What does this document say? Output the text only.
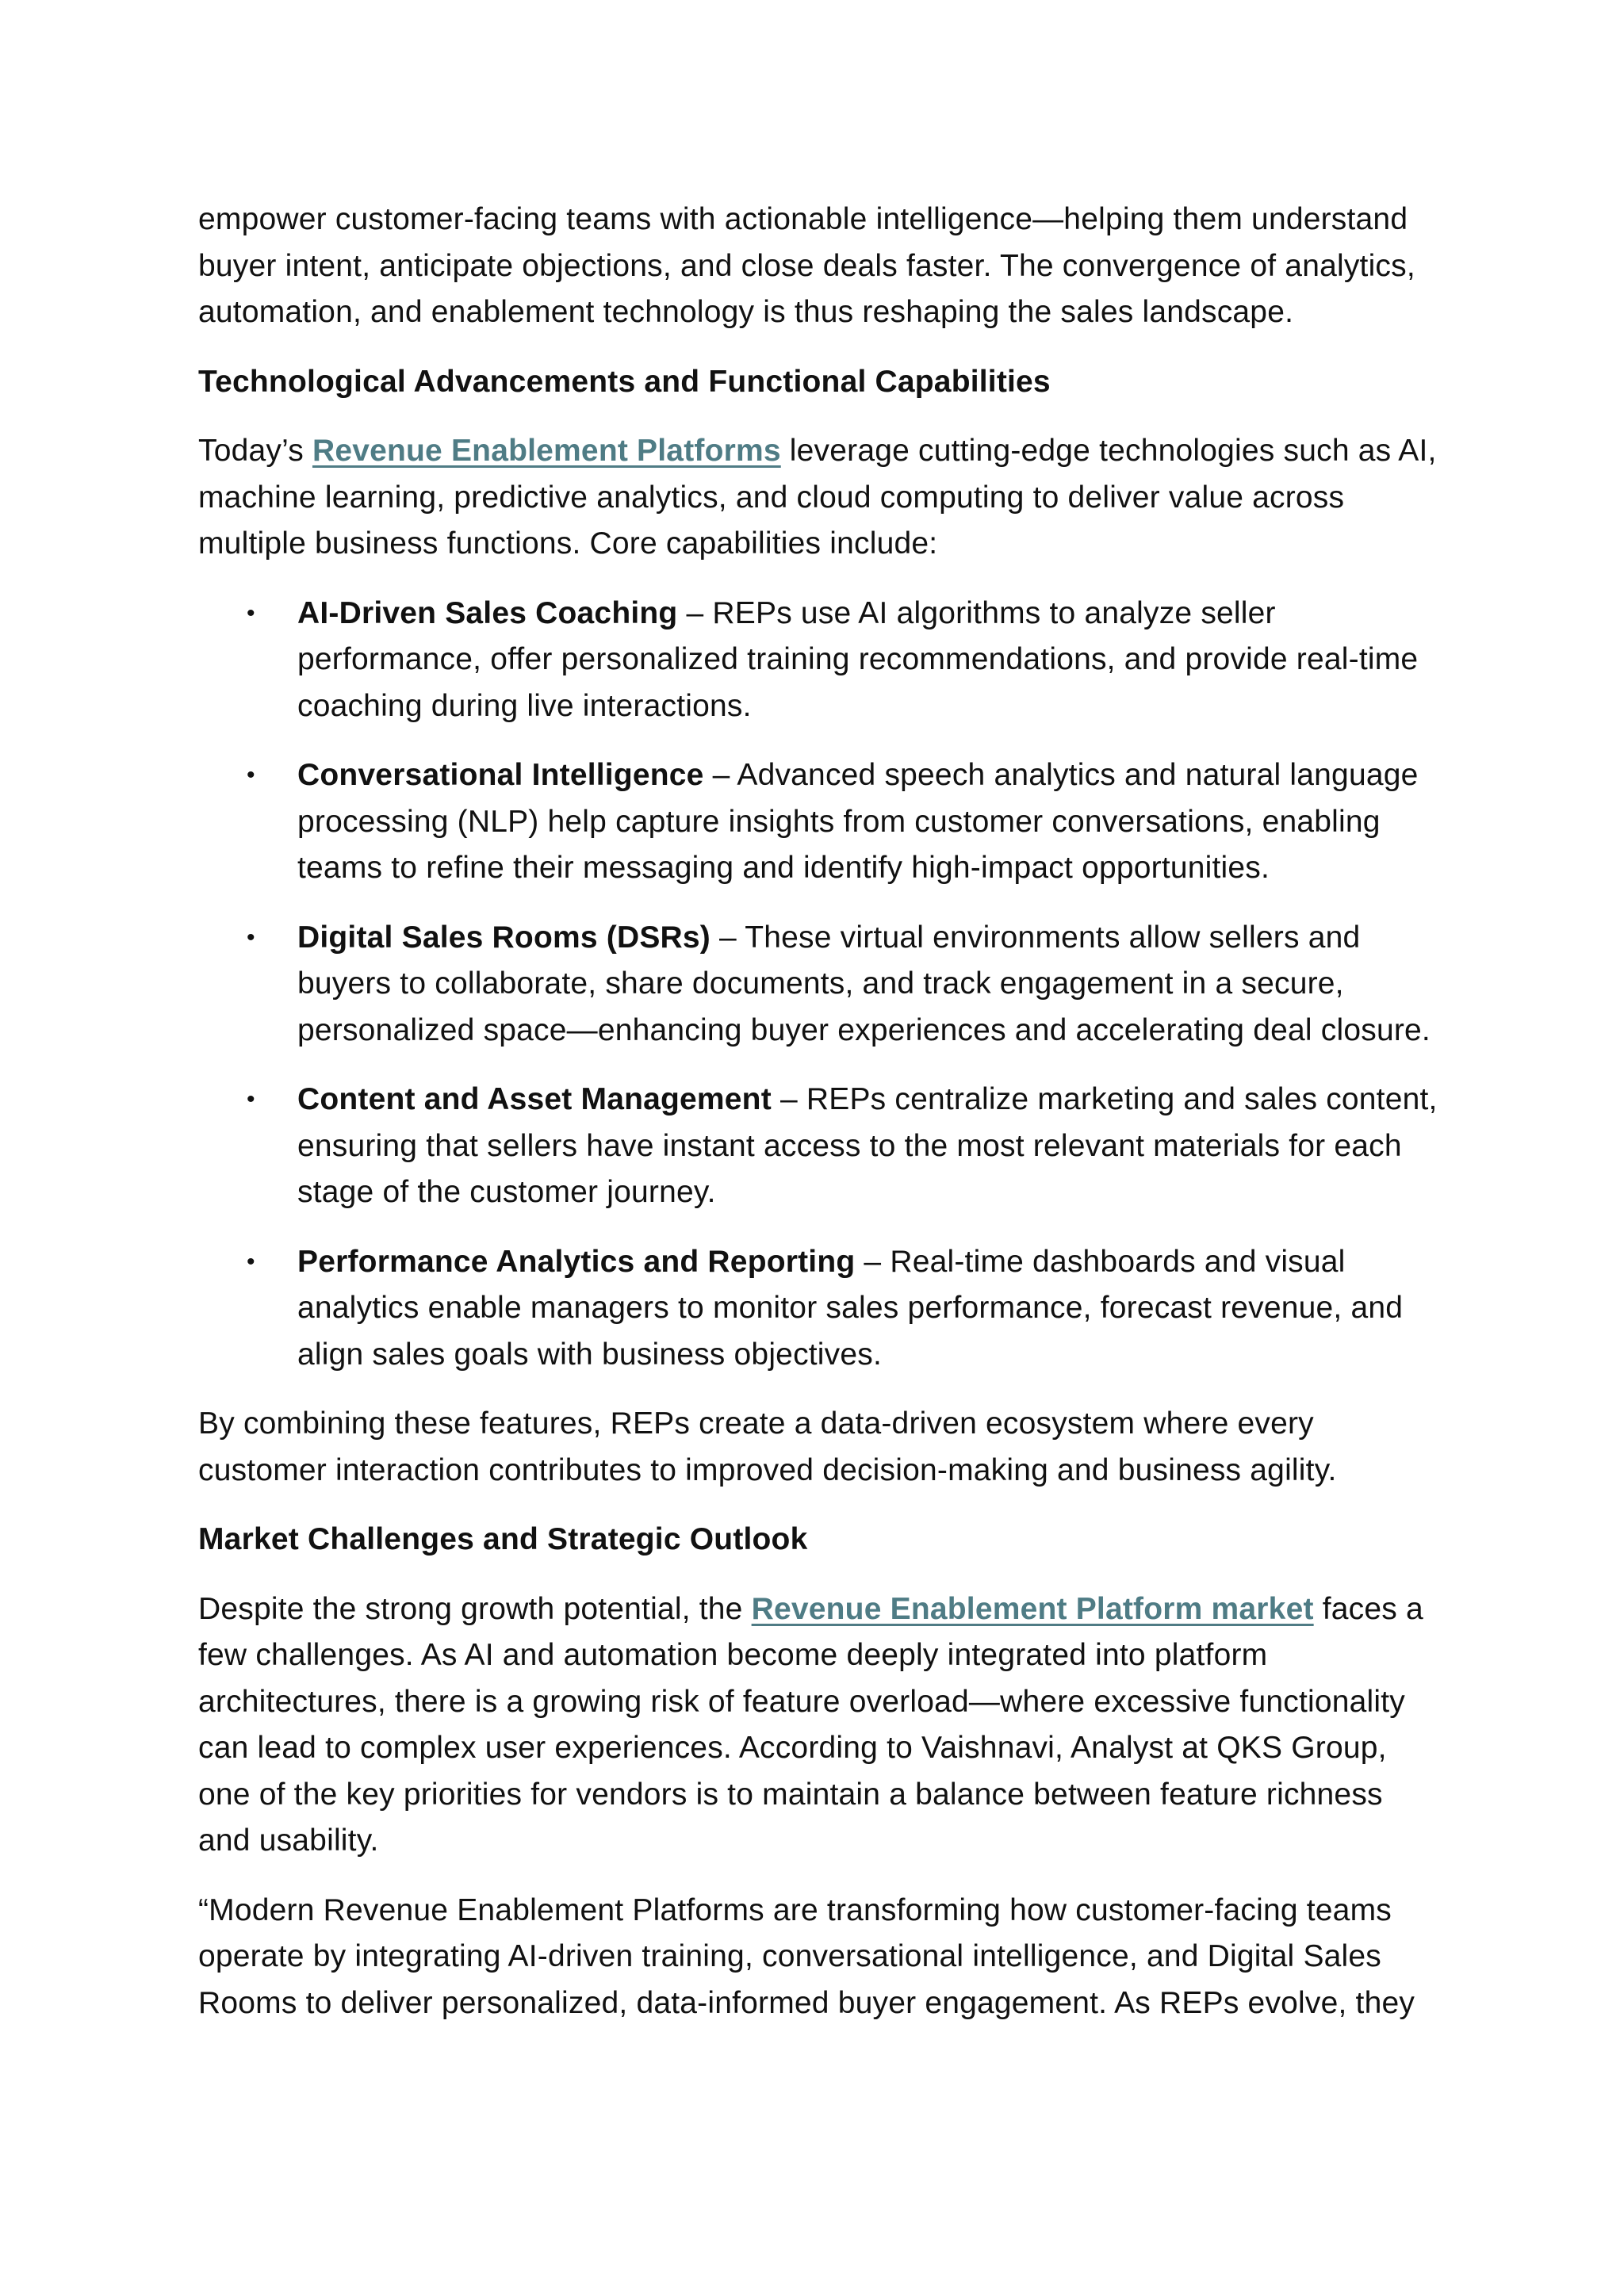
empower customer-facing teams with actionable intelligence—helping them understand buyer intent, anticipate objections, and close deals faster. The convergence of analytics, automation, and enablement technology is thus reshaping the sales landscape.

Technological Advancements and Functional Capabilities

Today’s Revenue Enablement Platforms leverage cutting-edge technologies such as AI, machine learning, predictive analytics, and cloud computing to deliver value across multiple business functions. Core capabilities include:

• AI-Driven Sales Coaching – REPs use AI algorithms to analyze seller performance, offer personalized training recommendations, and provide real-time coaching during live interactions.
• Conversational Intelligence – Advanced speech analytics and natural language processing (NLP) help capture insights from customer conversations, enabling teams to refine their messaging and identify high-impact opportunities.
• Digital Sales Rooms (DSRs) – These virtual environments allow sellers and buyers to collaborate, share documents, and track engagement in a secure, personalized space—enhancing buyer experiences and accelerating deal closure.
• Content and Asset Management – REPs centralize marketing and sales content, ensuring that sellers have instant access to the most relevant materials for each stage of the customer journey.
• Performance Analytics and Reporting – Real-time dashboards and visual analytics enable managers to monitor sales performance, forecast revenue, and align sales goals with business objectives.

By combining these features, REPs create a data-driven ecosystem where every customer interaction contributes to improved decision-making and business agility.

Market Challenges and Strategic Outlook

Despite the strong growth potential, the Revenue Enablement Platform market faces a few challenges. As AI and automation become deeply integrated into platform architectures, there is a growing risk of feature overload—where excessive functionality can lead to complex user experiences. According to Vaishnavi, Analyst at QKS Group, one of the key priorities for vendors is to maintain a balance between feature richness and usability.

“Modern Revenue Enablement Platforms are transforming how customer-facing teams operate by integrating AI-driven training, conversational intelligence, and Digital Sales Rooms to deliver personalized, data-informed buyer engagement. As REPs evolve, they
